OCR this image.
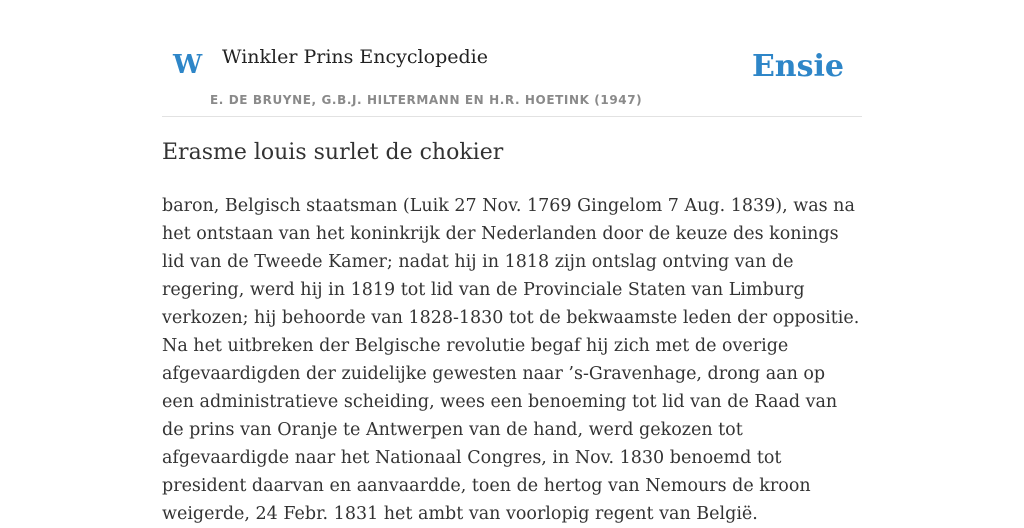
W Winkler Prins Encyclopedie	Ensie
E. DE BRUYNE, G.B.J. HILTERMANN EN H.R. HOETINK (1947)
Erasme louis surlet de chokier

baron, Belgisch staatsman (Luik 27 Nov. 1769 Gingelom 7 Aug. 1839), was na het ontstaan van het koninkrijk der Nederlanden door de keuze des konings lid van de Tweede Kamer; nadat hij in 1818 zijn ontslag ontving van de regering, werd hij in 1819 tot lid van de Provinciale Staten van Limburg verkozen; hij behoorde van 1828-1830 tot de bekwaamste leden der oppositie. Na het uitbreken der Belgische revolutie begaf hij zich met de overige afgevaardigden der zuidelijke gewesten naar ’s-Gravenhage, drong aan op een administratieve scheiding, wees een benoeming tot lid van de Raad van de prins van Oranje te Antwerpen van de hand, werd gekozen tot afgevaardigde naar het Nationaal Congres, in Nov. 1830 benoemd tot president daarvan en aanvaardde, toen de hertog van Nemours de kroon weigerde, 24 Febr. 1831 het ambt van voorlopig regent van België.
